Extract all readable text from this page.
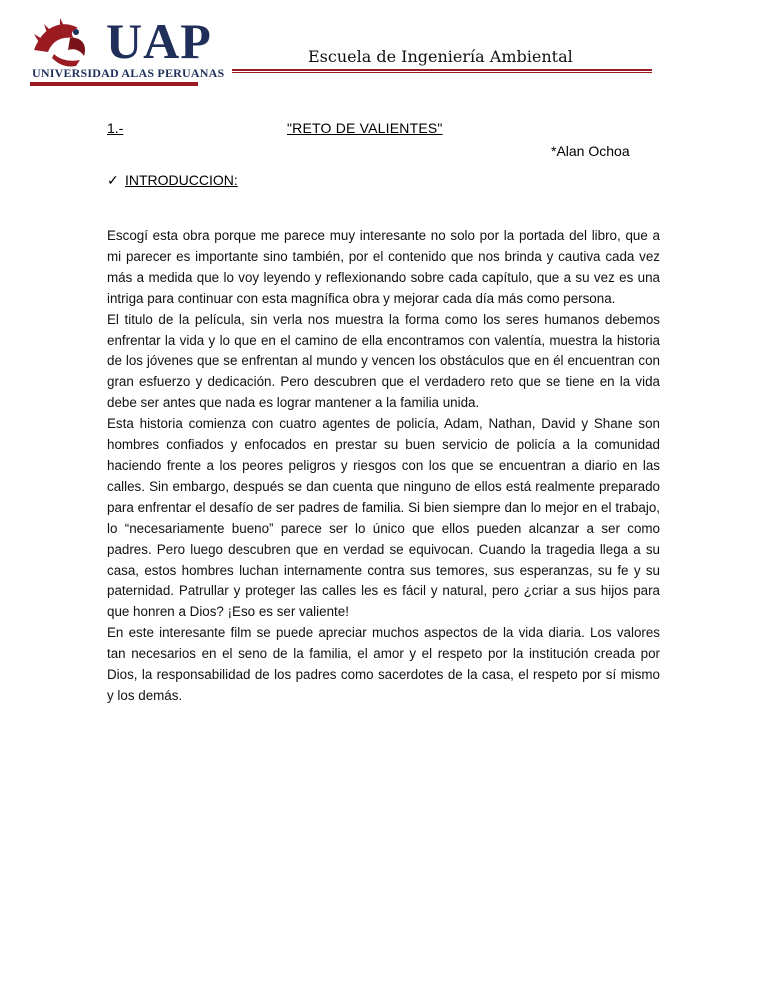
UAP
UNIVERSIDAD ALAS PERUANAS
Escuela de Ingeniería Ambiental
1.-	"RETO DE VALIENTES"
*Alan Ochoa
✓ INTRODUCCION:

Escogí esta obra porque me parece muy interesante no solo por la portada del libro, que a mi parecer es importante sino también, por el contenido que nos brinda y cautiva cada vez más a medida que lo voy leyendo y reflexionando sobre cada capítulo, que a su vez es una intriga para continuar con esta magnífica obra y mejorar cada día más como persona.

El titulo de la película, sin verla nos muestra la forma como los seres humanos debemos enfrentar la vida y lo que en el camino de ella encontramos con valentía, muestra la historia de los jóvenes que se enfrentan al mundo y vencen los obstáculos que en él encuentran con gran esfuerzo y dedicación. Pero descubren que el verdadero reto que se tiene en la vida debe ser antes que nada es lograr mantener a la familia unida.

Esta historia comienza con cuatro agentes de policía, Adam, Nathan, David y Shane son hombres confiados y enfocados en prestar su buen servicio de policía a la comunidad haciendo frente a los peores peligros y riesgos con los que se encuentran a diario en las calles. Sin embargo, después se dan cuenta que ninguno de ellos está realmente preparado para enfrentar el desafío de ser padres de familia. Si bien siempre dan lo mejor en el trabajo, lo “necesariamente bueno” parece ser lo único que ellos pueden alcanzar a ser como padres. Pero luego descubren que en verdad se equivocan. Cuando la tragedia llega a su casa, estos hombres luchan internamente contra sus temores, sus esperanzas, su fe y su paternidad. Patrullar y proteger las calles les es fácil y natural, pero ¿criar a sus hijos para que honren a Dios? ¡Eso es ser valiente!

En este interesante film se puede apreciar muchos aspectos de la vida diaria. Los valores tan necesarios en el seno de la familia, el amor y el respeto por la institución creada por Dios, la responsabilidad de los padres como sacerdotes de la casa, el respeto por sí mismo y los demás.
